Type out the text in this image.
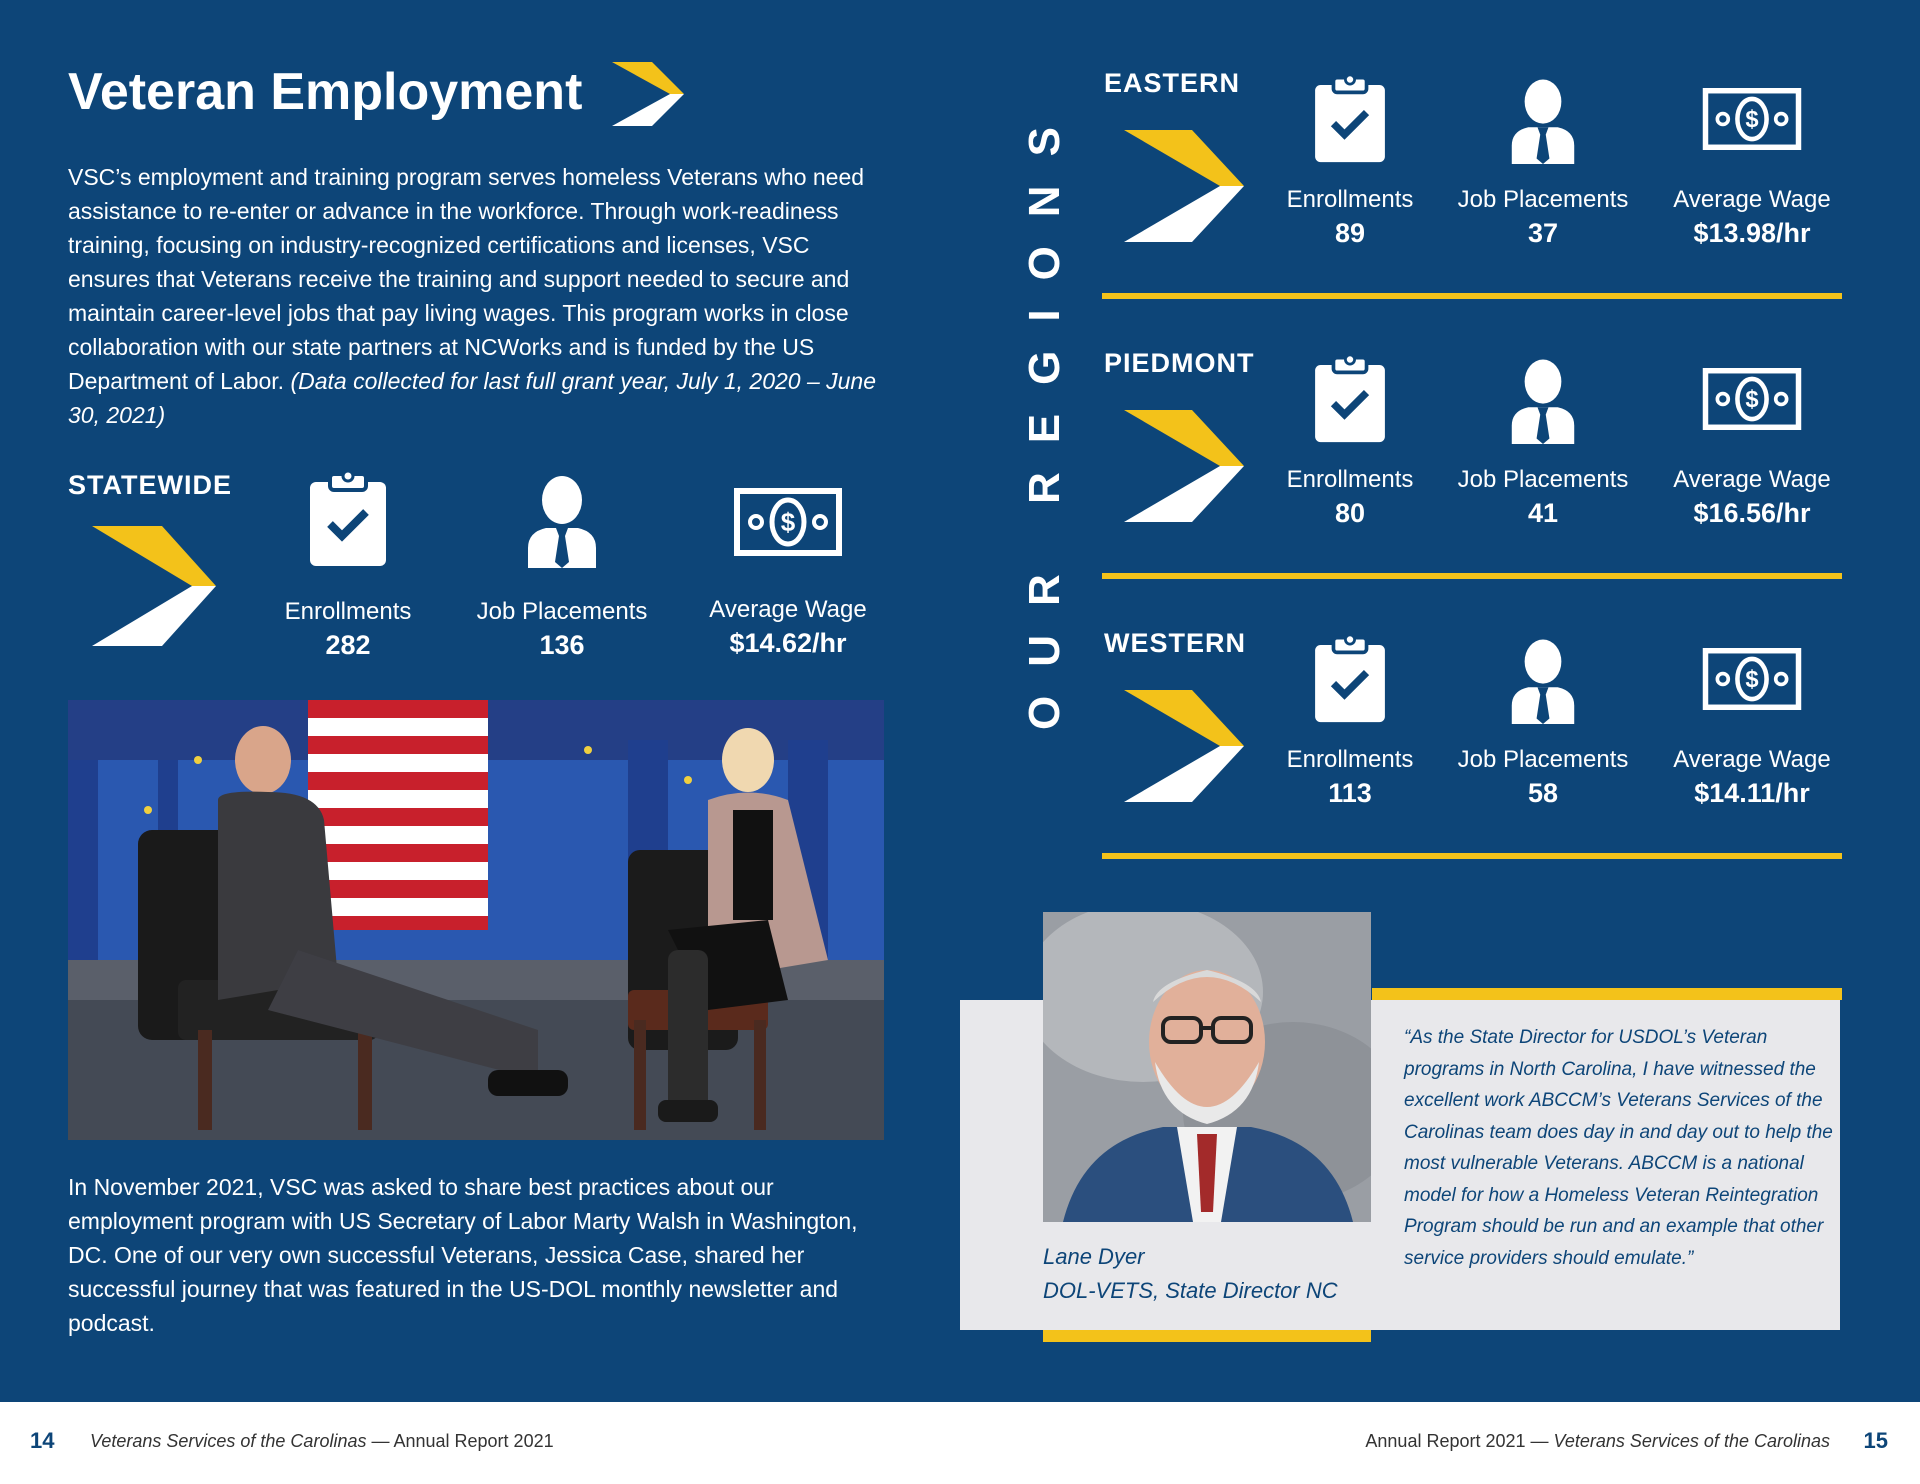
Veteran Employment
VSC’s employment and training program serves homeless Veterans who need assistance to re-enter or advance in the workforce. Through work-readiness training, focusing on industry-recognized certifications and licenses, VSC ensures that Veterans receive the training and support needed to secure and maintain career-level jobs that pay living wages. This program works in close collaboration with our state partners at NCWorks and is funded by the US Department of Labor. (Data collected for last full grant year, July 1, 2020 – June 30, 2021)
STATEWIDE
Enrollments
282
Job Placements
136
$
Average Wage
$14.62/hr
In November 2021, VSC was asked to share best practices about our employment program with US Secretary of Labor Marty Walsh in Washington, DC. One of our very own successful Veterans, Jessica Case, shared her successful journey that was featured in the US-DOL monthly newsletter and podcast.
OUR REGIONS
EASTERN
Enrollments
89
Job Placements
37
$
Average Wage
$13.98/hr
PIEDMONT
Enrollments
80
Job Placements
41
$
Average Wage
$16.56/hr
WESTERN
Enrollments
113
Job Placements
58
$
Average Wage
$14.11/hr
Lane Dyer
DOL-VETS, State Director NC
“As the State Director for USDOL’s Veteran programs in North Carolina, I have witnessed the excellent work ABCCM’s Veterans Services of the Carolinas team does day in and day out to help the most vulnerable Veterans. ABCCM is a national model for how a Homeless Veteran Reintegration Program should be run and an example that other service providers should emulate.”
14 Veterans Services of the Carolinas — Annual Report 2021	Annual Report 2021 — Veterans Services of the Carolinas 15
